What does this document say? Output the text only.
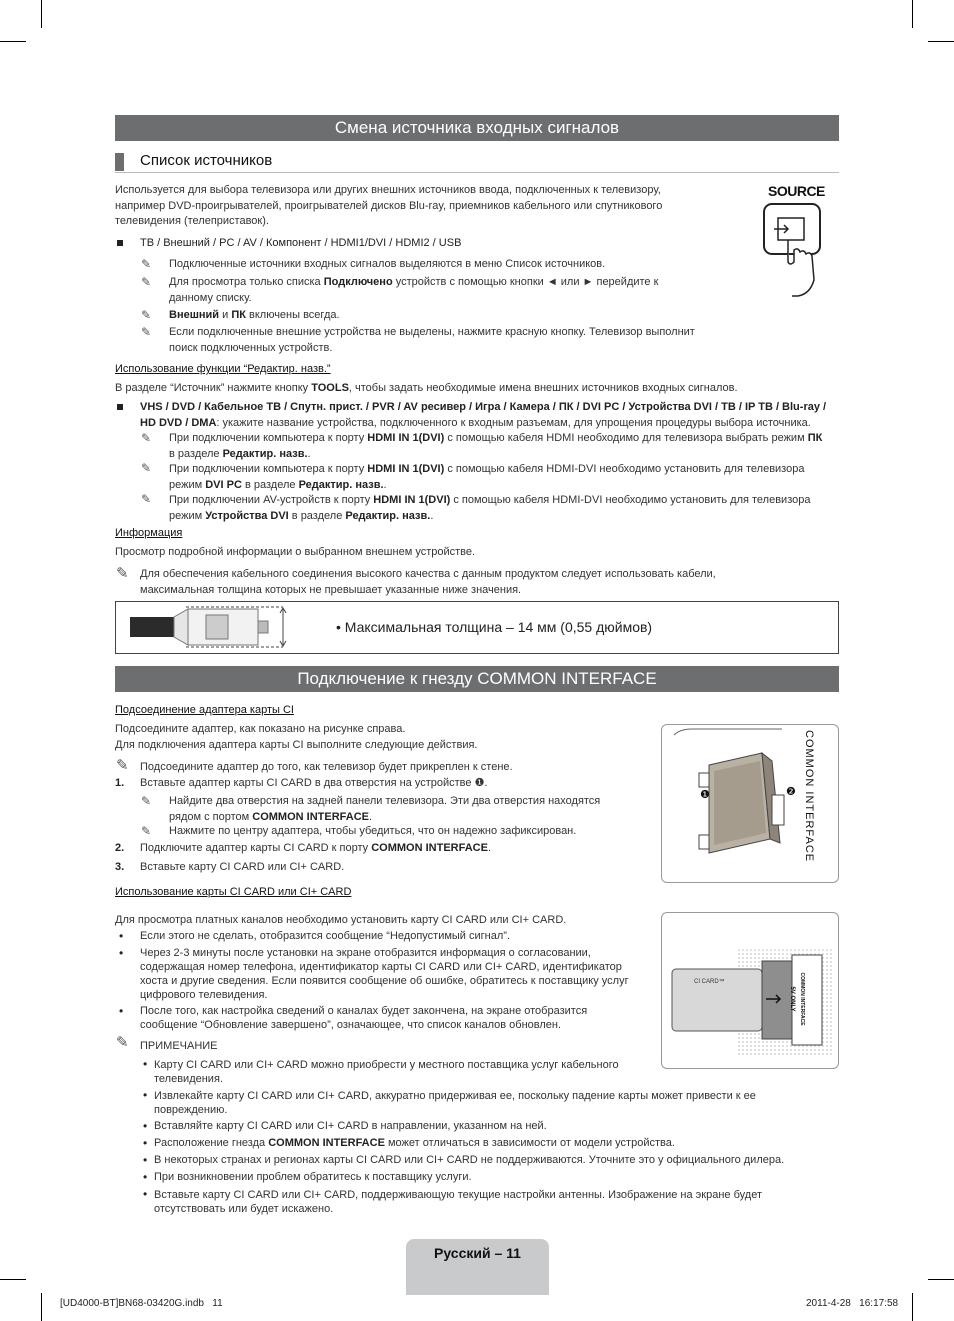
Смена источника входных сигналов
Список источников
Используется для выбора телевизора или других внешних источников ввода, подключенных к телевизору, например DVD-проигрывателей, проигрывателей дисков Blu-ray, приемников кабельного или спутникового телевидения (телеприставок).
ТВ / Внешний / PC / AV / Компонент / HDMI1/DVI / HDMI2 / USB
✎	Подключенные источники входных сигналов выделяются в меню Список источников.
✎	Для просмотра только списка Подключено устройств с помощью кнопки ◄ или ► перейдите к
данному списку.
✎	Внешний и ПК включены всегда.
✎	Если подключенные внешние устройства не выделены, нажмите красную кнопку. Телевизор выполнит
поиск подключенных устройств.
SOURCE
Использование функции “Редактир. назв.”
В разделе “Источник” нажмите кнопку TOOLS, чтобы задать необходимые имена внешних источников входных сигналов.
VHS / DVD / Кабельное ТВ / Спутн. прист. / PVR / AV ресивер / Игра / Камера / ПК / DVI PC / Устройства DVI / ТВ / IP ТВ / Blu-ray /
HD DVD / DMA: укажите название устройства, подключенного к входным разъемам, для упрощения процедуры выбора источника.
✎	При подключении компьютера к порту HDMI IN 1(DVI) с помощью кабеля HDMI необходимо для телевизора выбрать режим ПК
в разделе Редактир. назв..
✎	При подключении компьютера к порту HDMI IN 1(DVI) с помощью кабеля HDMI-DVI необходимо установить для телевизора
режим DVI PC в разделе Редактир. назв..
✎	При подключении AV-устройств к порту HDMI IN 1(DVI) с помощью кабеля HDMI-DVI необходимо установить для телевизора
режим Устройства DVI в разделе Редактир. назв..
Информация
Просмотр подробной информации о выбранном внешнем устройстве.
✎	Для обеспечения кабельного соединения высокого качества с данным продуктом следует использовать кабели,
максимальная толщина которых не превышает указанные ниже значения.
• Максимальная толщина – 14 мм (0,55 дюймов)
Подключение к гнезду COMMON INTERFACE
Подсоединение адаптера карты CI
Подсоедините адаптер, как показано на рисунке справа.
Для подключения адаптера карты CI выполните следующие действия.
✎	Подсоедините адаптер до того, как телевизор будет прикреплен к стене.
1. Вставьте адаптер карты CI CARD в два отверстия на устройстве ❶.
✎	Найдите два отверстия на задней панели телевизора. Эти два отверстия находятся
рядом с портом COMMON INTERFACE.
✎	Нажмите по центру адаптера, чтобы убедиться, что он надежно зафиксирован.
2. Подключите адаптер карты CI CARD к порту COMMON INTERFACE.
3. Вставьте карту CI CARD или CI+ CARD.
❶	❷ COMMON INTERFACE
Использование карты CI CARD или CI+ CARD
Для просмотра платных каналов необходимо установить карту CI CARD или CI+ CARD.
• Если этого не сделать, отобразится сообщение “Недопустимый сигнал”.
• Через 2-3 минуты после установки на экране отобразится информация о согласовании,
содержащая номер телефона, идентификатор карты CI CARD или CI+ CARD, идентификатор
хоста и другие сведения. Если появится сообщение об ошибке, обратитесь к поставщику услуг
цифрового телевидения.
• После того, как настройка сведений о каналах будет закончена, на экране отобразится
сообщение “Обновление завершено”, означающее, что список каналов обновлен.
✎	ПРИМЕЧАНИЕ
CI CARD™	COMMON INTERFACE
5V ONLY
• Карту CI CARD или CI+ CARD можно приобрести у местного поставщика услуг кабельного
телевидения.
• Извлекайте карту CI CARD или CI+ CARD, аккуратно придерживая ее, поскольку падение карты может привести к ее
повреждению.
• Вставляйте карту CI CARD или CI+ CARD в направлении, указанном на ней.
• Расположение гнезда COMMON INTERFACE может отличаться в зависимости от модели устройства.
• В некоторых странах и регионах карты CI CARD или CI+ CARD не поддерживаются. Уточните это у официального дилера.
• При возникновении проблем обратитесь к поставщику услуги.
• Вставьте карту CI CARD или CI+ CARD, поддерживающую текущие настройки антенны. Изображение на экране будет
отсутствовать или будет искажено.
Русский – 11
[UD4000-BT]BN68-03420G.indb   11	2011-4-28   16:17:58
